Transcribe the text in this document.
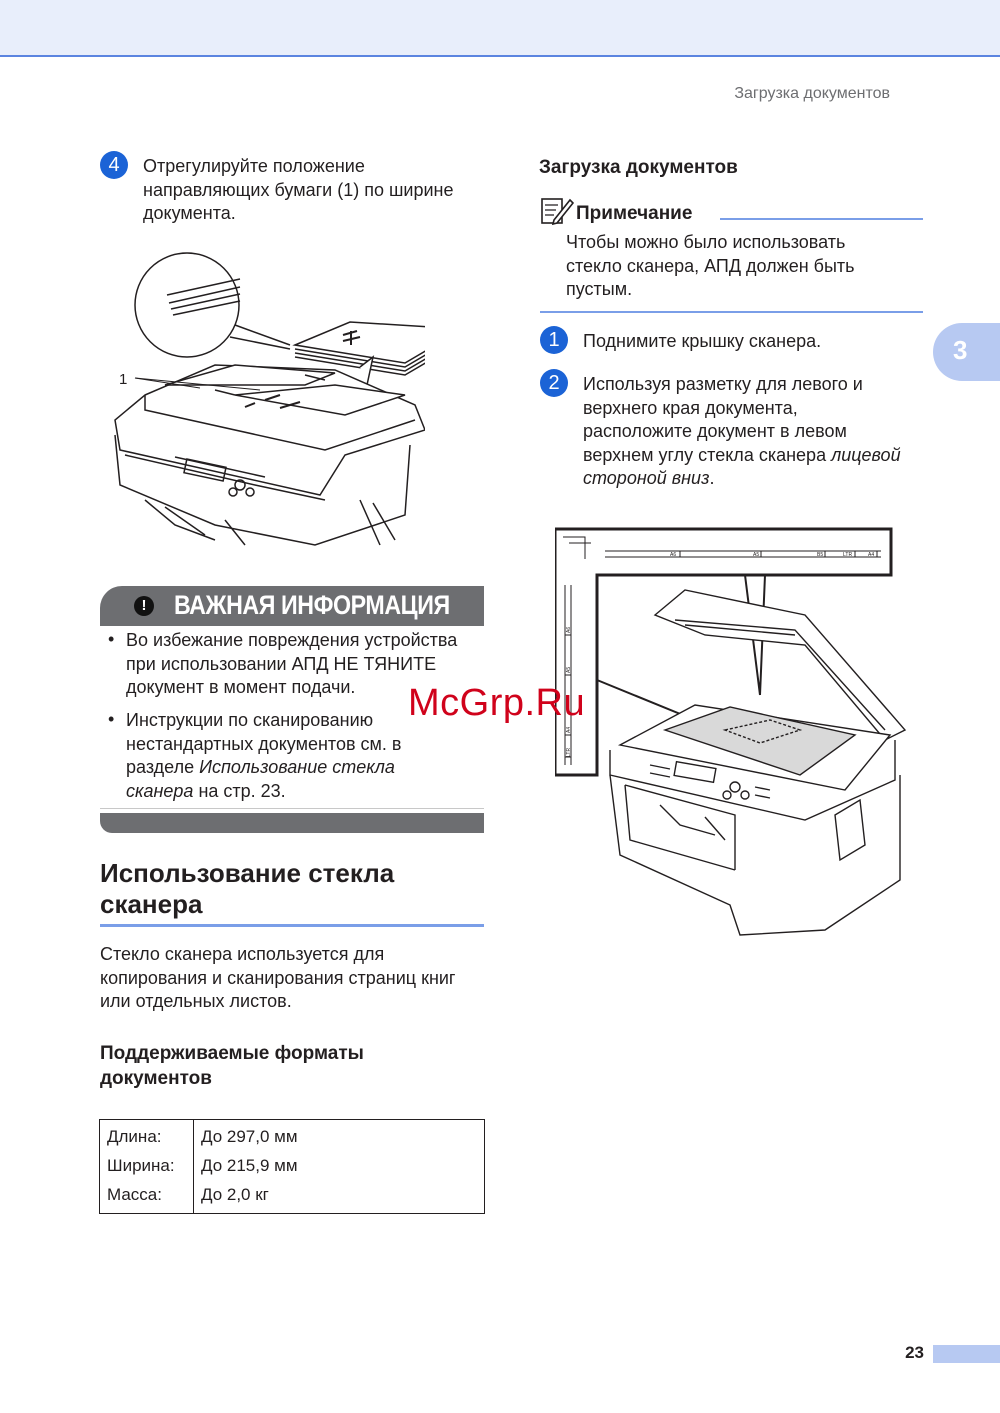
Загрузка документов
4	Отрегулируйте положение
направляющих бумаги (1) по ширине
документа.
1
! ВАЖНАЯ ИНФОРМАЦИЯ
• Во избежание повреждения устройства
при использовании АПД НЕ ТЯНИТЕ
документ в момент подачи.
• Инструкции по сканированию
нестандартных документов см. в
разделе Использование стекла
сканера на стр. 23.
Использование стекла
сканера
Стекло сканера используется для
копирования и сканирования страниц книг
или отдельных листов.
Поддерживаемые форматы
документов
Длина:	До 297,0 мм
Ширина:	До 215,9 мм
Масса:	До 2,0 кг
Загрузка документов
Примечание
Чтобы можно было использовать
стекло сканера, АПД должен быть
пустым.
1	Поднимите крышку сканера.
2	Используя разметку для левого и
верхнего края документа,
расположите документ в левом
верхнем углу стекла сканера лицевой
стороной вниз.
A6	A5	B5	LTR	A4
A6
A5
A4
LTR
3
McGrp.Ru
23
